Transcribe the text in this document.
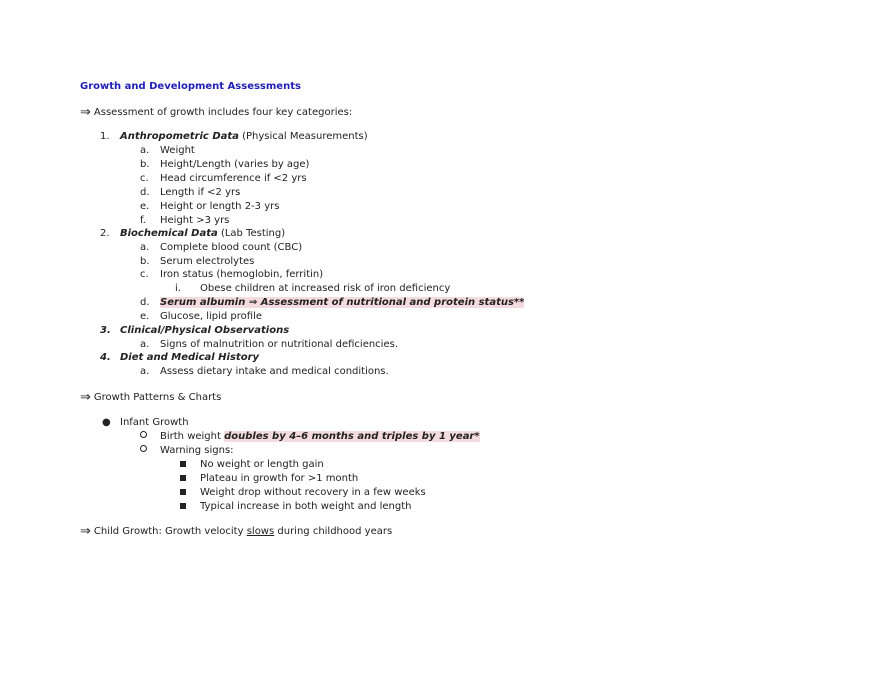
Growth and Development Assessments
⇒ Assessment of growth includes four key categories:
1. Anthropometric Data (Physical Measurements)
a. Weight
b. Height/Length (varies by age)
c. Head circumference if <2 yrs
d. Length if <2 yrs
e. Height or length 2-3 yrs
f. Height >3 yrs
2. Biochemical Data (Lab Testing)
a. Complete blood count (CBC)
b. Serum electrolytes
c. Iron status (hemoglobin, ferritin)
i. Obese children at increased risk of iron deficiency
d. Serum albumin ⇒ Assessment of nutritional and protein status**
e. Glucose, lipid profile
3. Clinical/Physical Observations
a. Signs of malnutrition or nutritional deficiencies.
4. Diet and Medical History
a. Assess dietary intake and medical conditions.
⇒ Growth Patterns & Charts
● Infant Growth
Birth weight doubles by 4–6 months and triples by 1 year*
Warning signs:
No weight or length gain
Plateau in growth for >1 month
Weight drop without recovery in a few weeks
Typical increase in both weight and length
⇒ Child Growth: Growth velocity slows during childhood years
